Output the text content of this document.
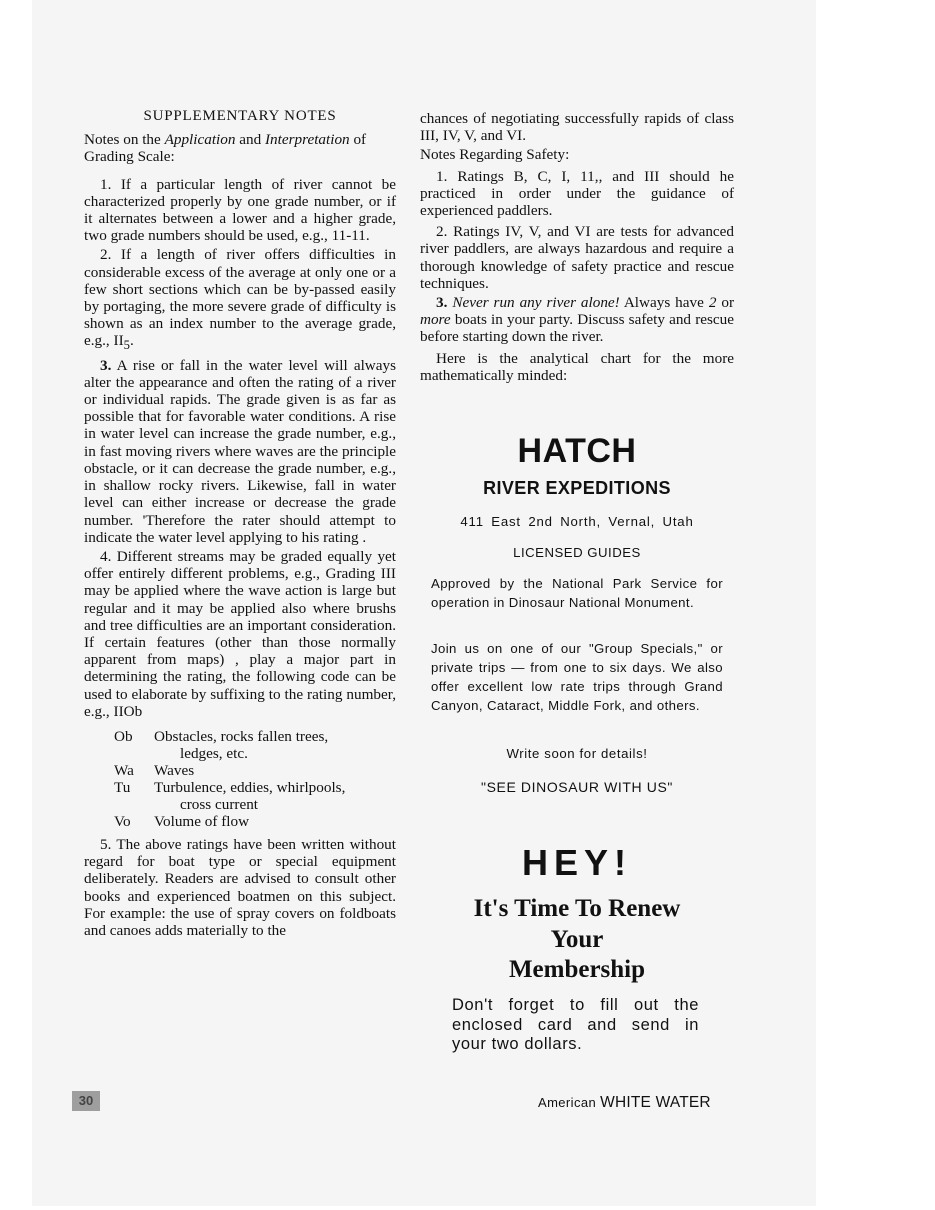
SUPPLEMENTARY NOTES
Notes on the Application and Interpretation of Grading Scale:

1. If a particular length of river cannot be characterized properly by one grade number, or if it alternates between a lower and a higher grade, two grade numbers should be used, e.g., 11-11.

2. If a length of river offers difficulties in considerable excess of the average at only one or a few short sections which can be by-passed easily by portaging, the more severe grade of difficulty is shown as an index number to the average grade, e.g., $II_5$.

3. A rise or fall in the water level will always alter the appearance and often the rating of a river or individual rapids. The grade given is as far as possible that for favorable water conditions. A rise in water level can increase the grade number, e.g., in fast moving rivers where waves are the principle obstacle, or it can decrease the grade number, e.g., in shallow rocky rivers. Likewise, fall in water level can either increase or decrease the grade number. 'Therefore the rater should attempt to indicate the water level applying to his rating .

4. Different streams may be graded equally yet offer entirely different problems, e.g., Grading III may be applied where the wave action is large but regular and it may be applied also where brushs and tree difficulties are an important consideration. If certain features (other than those normally apparent from maps) , play a major part in determining the rating, the following code can be used to elaborate by suffixing to the rating number, e.g., IIOb

Ob	Obstacles, rocks fallen trees,
ledges, etc.
Wa	Waves
Tu	Turbulence, eddies, whirlpools,
cross current
Vo	Volume of flow

5. The above ratings have been written without regard for boat type or special equipment deliberately. Readers are advised to consult other books and experienced boatmen on this subject. For example: the use of spray covers on foldboats and canoes adds materially to the

chances of negotiating successfully rapids of class III, IV, V, and VI.

Notes Regarding Safety:

1. Ratings B, C, I, 11,, and III should he practiced in order under the guidance of experienced paddlers.

2. Ratings IV, V, and VI are tests for advanced river paddlers, are always hazardous and require a thorough knowledge of safety practice and rescue techniques.

3. Never run any river alone! Always have 2 or more boats in your party. Discuss safety and rescue before starting down the river.

Here is the analytical chart for the more mathematically minded:

HATCH
RIVER EXPEDITIONS
411 East 2nd North, Vernal, Utah
LICENSED GUIDES
Approved by the National Park Service for operation in Dinosaur National Monument.
Join us on one of our "Group Specials," or private trips — from one to six days. We also offer excellent low rate trips through Grand Canyon, Cataract, Middle Fork, and others.
Write soon for details!
"SEE DINOSAUR WITH US"
HEY!
It's Time To Renew
Your
Membership
Don't forget to fill out the enclosed card and send in your two dollars.
30	American WHITE WATER
